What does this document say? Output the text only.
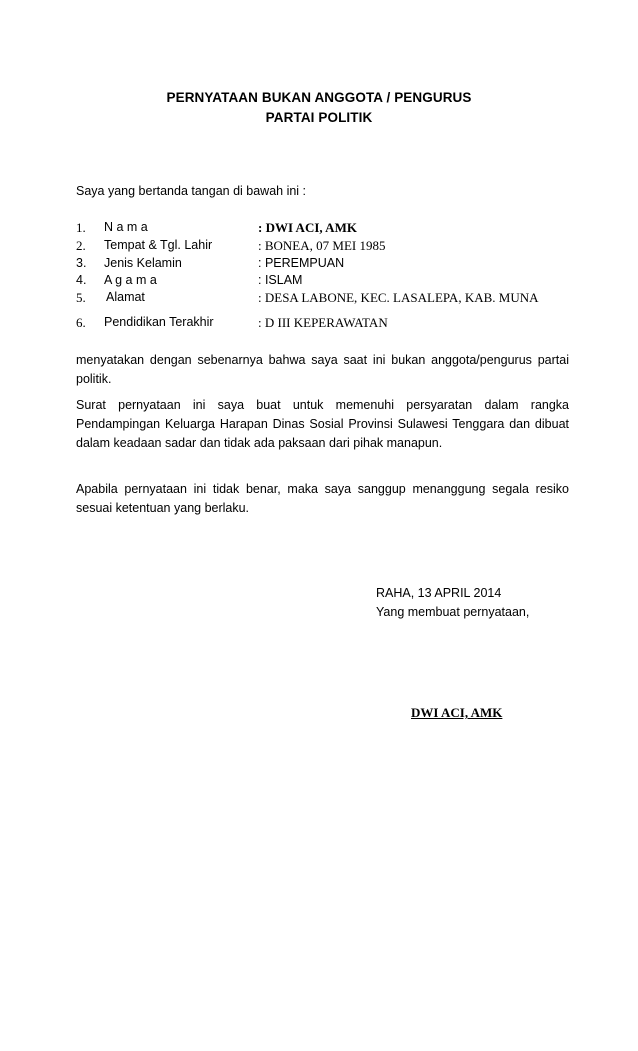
PERNYATAAN BUKAN ANGGOTA / PENGURUS
PARTAI POLITIK
Saya yang bertanda tangan di bawah ini :
1. N a m a	: DWI ACI, AMK
2. Tempat & Tgl. Lahir	: BONEA, 07 MEI 1985
3. Jenis Kelamin	: PEREMPUAN
4. A g a m a	: ISLAM
5. Alamat	: DESA LABONE, KEC. LASALEPA, KAB. MUNA
6. Pendidikan Terakhir	: D III KEPERAWATAN
menyatakan dengan sebenarnya bahwa saya saat ini bukan anggota/pengurus partai politik.
Surat pernyataan ini saya buat untuk memenuhi persyaratan dalam rangka Pendampingan Keluarga Harapan Dinas Sosial Provinsi Sulawesi Tenggara dan dibuat dalam keadaan sadar dan tidak ada paksaan dari pihak manapun.
Apabila pernyataan ini tidak benar, maka saya sanggup menanggung segala resiko sesuai ketentuan yang berlaku.
RAHA, 13 APRIL 2014
Yang membuat pernyataan,
DWI ACI, AMK
